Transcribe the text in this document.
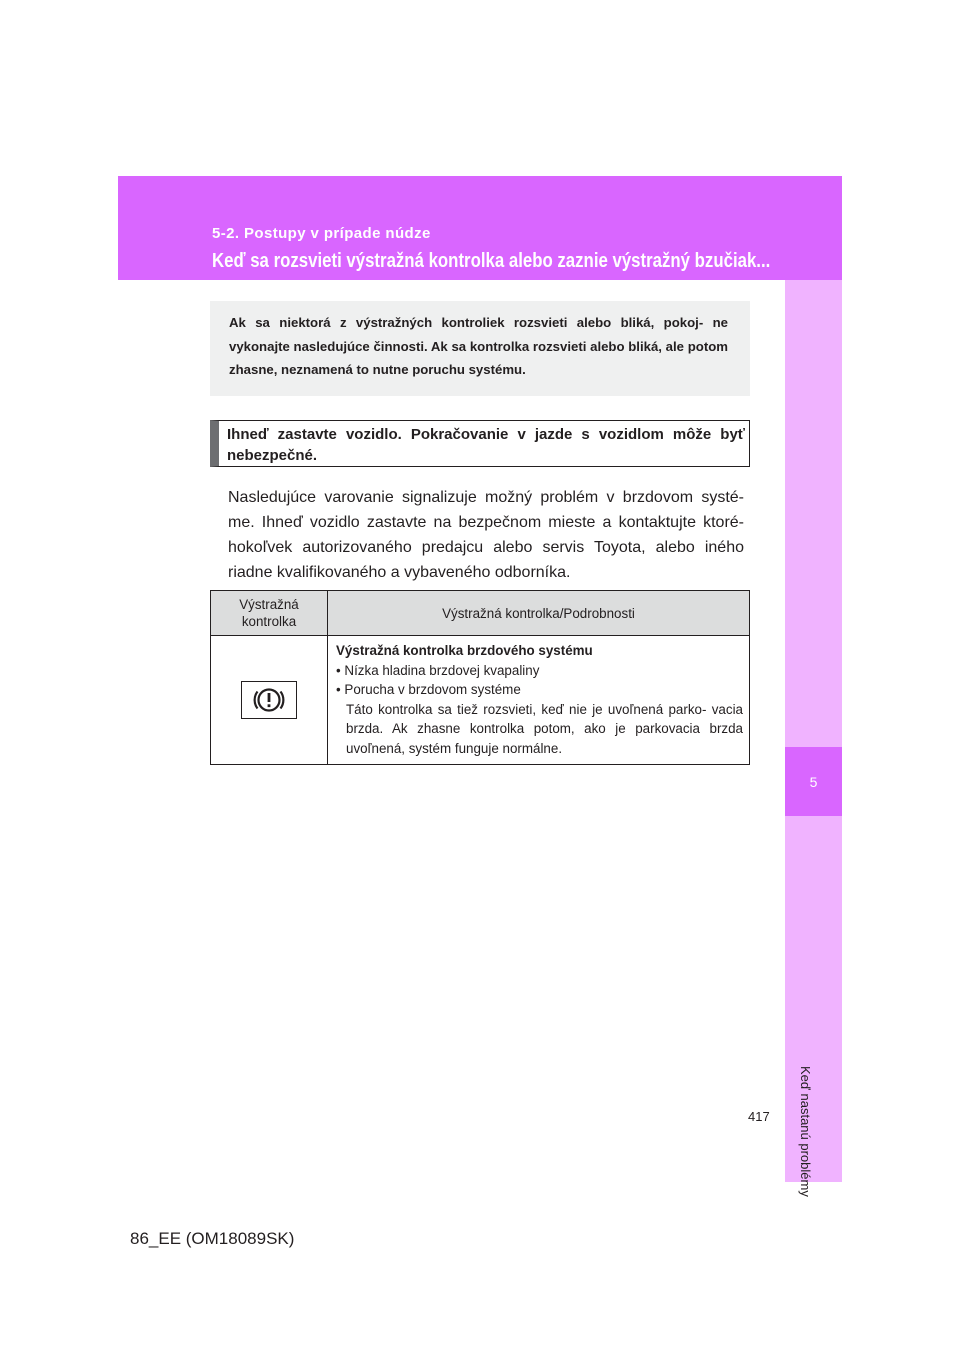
5-2. Postupy v prípade núdze
Keď sa rozsvieti výstražná kontrolka alebo zaznie výstražný bzučiak...
5
Keď nastanú problémy
Ak sa niektorá z výstražných kontroliek rozsvieti alebo bliká, pokoj- ne vykonajte nasledujúce činnosti. Ak sa kontrolka rozsvieti alebo bliká, ale potom zhasne, neznamená to nutne poruchu systému.
Ihneď zastavte vozidlo. Pokračovanie v jazde s vozidlom môže byť nebezpečné.
Nasledujúce varovanie signalizuje možný problém v brzdovom systé- me. Ihneď vozidlo zastavte na bezpečnom mieste a kontaktujte ktoré- hokoľvek autorizovaného predajcu alebo servis Toyota, alebo iného riadne kvalifikovaného a vybaveného odborníka.
Výstražná kontrolka	Výstražná kontrolka/Podrobnosti

Výstražná kontrolka brzdového systému
• Nízka hladina brzdovej kvapaliny
• Porucha v brzdovom systéme
Táto kontrolka sa tiež rozsvieti, keď nie je uvoľnená parko- vacia brzda. Ak zhasne kontrolka potom, ako je parkovacia brzda uvoľnená, systém funguje normálne.
417
86_EE (OM18089SK)
